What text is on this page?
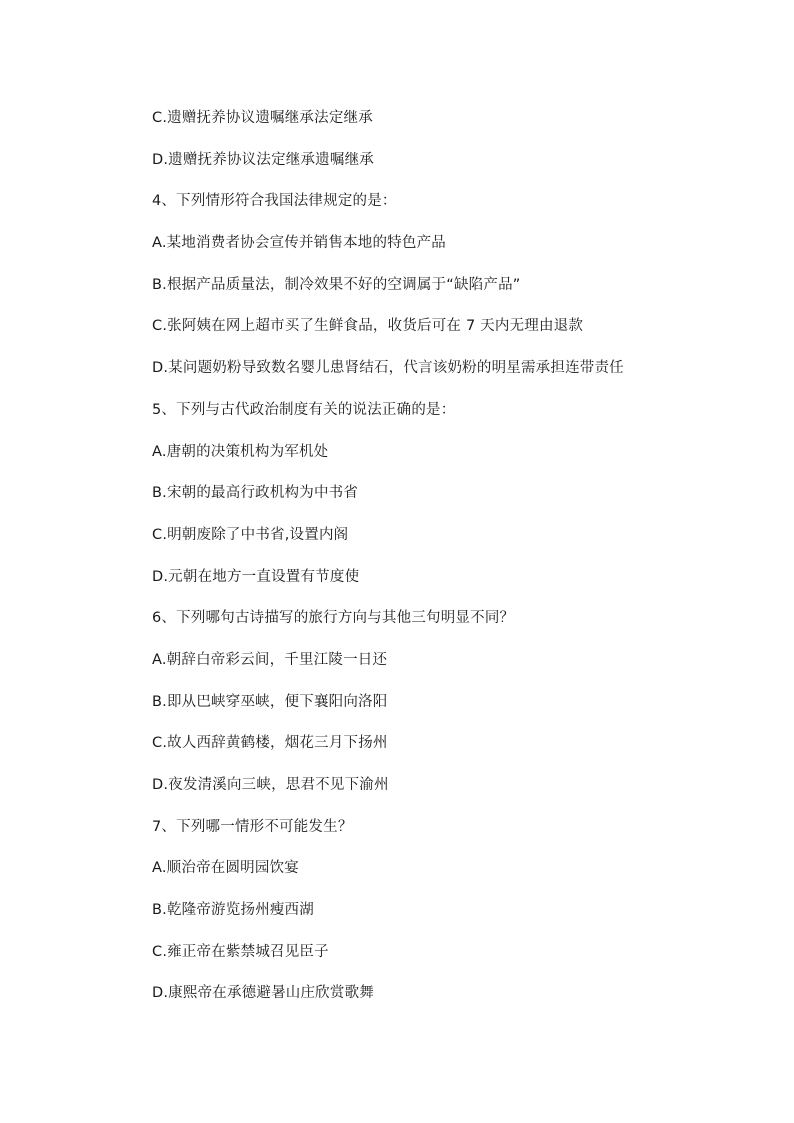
C.遗赠抚养协议遗嘱继承法定继承
D.遗赠抚养协议法定继承遗嘱继承
4、下列情形符合我国法律规定的是：
A.某地消费者协会宣传并销售本地的特色产品
B.根据产品质量法，制冷效果不好的空调属于“缺陷产品”
C.张阿姨在网上超市买了生鲜食品，收货后可在 7 天内无理由退款
D.某问题奶粉导致数名婴儿患肾结石，代言该奶粉的明星需承担连带责任
5、下列与古代政治制度有关的说法正确的是：
A.唐朝的决策机构为军机处
B.宋朝的最高行政机构为中书省
C.明朝废除了中书省,设置内阁
D.元朝在地方一直设置有节度使
6、下列哪句古诗描写的旅行方向与其他三句明显不同？
A.朝辞白帝彩云间，千里江陵一日还
B.即从巴峡穿巫峡，便下襄阳向洛阳
C.故人西辞黄鹤楼，烟花三月下扬州
D.夜发清溪向三峡，思君不见下渝州
7、下列哪一情形不可能发生？
A.顺治帝在圆明园饮宴
B.乾隆帝游览扬州瘦西湖
C.雍正帝在紫禁城召见臣子
D.康熙帝在承德避暑山庄欣赏歌舞
